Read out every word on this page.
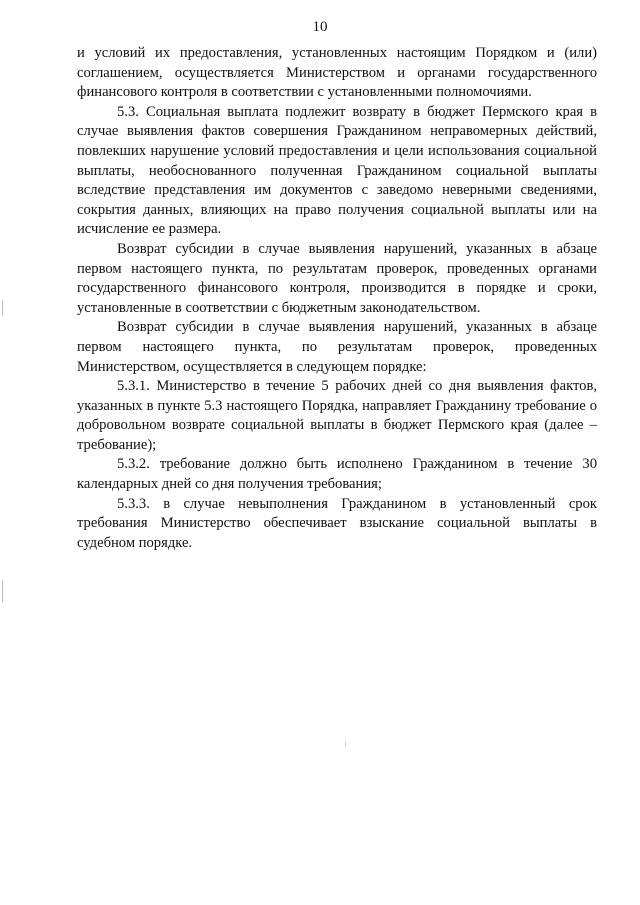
10

и условий их предоставления, установленных настоящим Порядком и (или) соглашением, осуществляется Министерством и органами государственного финансового контроля в соответствии с установленными полномочиями.

5.3. Социальная выплата подлежит возврату в бюджет Пермского края в случае выявления фактов совершения Гражданином неправомерных действий, повлекших нарушение условий предоставления и цели использования социальной выплаты, необоснованного полученная Гражданином социальной выплаты вследствие представления им документов с заведомо неверными сведениями, сокрытия данных, влияющих на право получения социальной выплаты или на исчисление ее размера.

Возврат субсидии в случае выявления нарушений, указанных в абзаце первом настоящего пункта, по результатам проверок, проведенных органами государственного финансового контроля, производится в порядке и сроки, установленные в соответствии с бюджетным законодательством.

Возврат субсидии в случае выявления нарушений, указанных в абзаце первом настоящего пункта, по результатам проверок, проведенных Министерством, осуществляется в следующем порядке:

5.3.1. Министерство в течение 5 рабочих дней со дня выявления фактов, указанных в пункте 5.3 настоящего Порядка, направляет Гражданину требование о добровольном возврате социальной выплаты в бюджет Пермского края (далее – требование);

5.3.2. требование должно быть исполнено Гражданином в течение 30 календарных дней со дня получения требования;

5.3.3. в случае невыполнения Гражданином в установленный срок требования Министерство обеспечивает взыскание социальной выплаты в судебном порядке.
